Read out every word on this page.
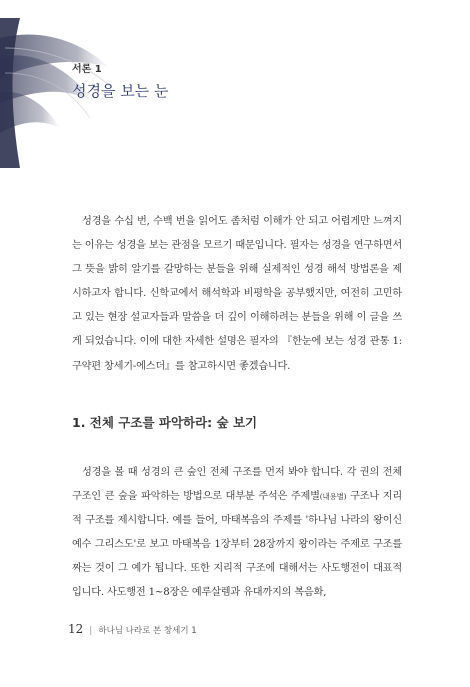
서론 1
성경을 보는 눈

성경을 수십 번, 수백 번을 읽어도 좀처럼 이해가 안 되고 어렵게만 느껴지는 이유는 성경을 보는 관점을 모르기 때문입니다. 필자는 성경을 연구하면서 그 뜻을 밝히 알기를 갈망하는 분들을 위해 실제적인 성경 해석 방법론을 제시하고자 합니다. 신학교에서 해석학과 비평학을 공부했지만, 여전히 고민하고 있는 현장 설교자들과 말씀을 더 깊이 이해하려는 분들을 위해 이 글을 쓰게 되었습니다. 이에 대한 자세한 설명은 필자의 『한눈에 보는 성경 관통 1: 구약편 창세기-에스더』를 참고하시면 좋겠습니다.

1. 전체 구조를 파악하라: 숲 보기

성경을 볼 때 성경의 큰 숲인 전체 구조를 먼저 봐야 합니다. 각 권의 전체 구조인 큰 숲을 파악하는 방법으로 대부분 주석은 주제별(내용별) 구조나 지리적 구조를 제시합니다. 예를 들어, 마태복음의 주제를 '하나님 나라의 왕이신 예수 그리스도'로 보고 마태복음 1장부터 28장까지 왕이라는 주제로 구조를 짜는 것이 그 예가 됩니다. 또한 지리적 구조에 대해서는 사도행전이 대표적입니다. 사도행전 1~8장은 예루살렘과 유대까지의 복음화,

12 | 하나님 나라로 본 창세기 1
